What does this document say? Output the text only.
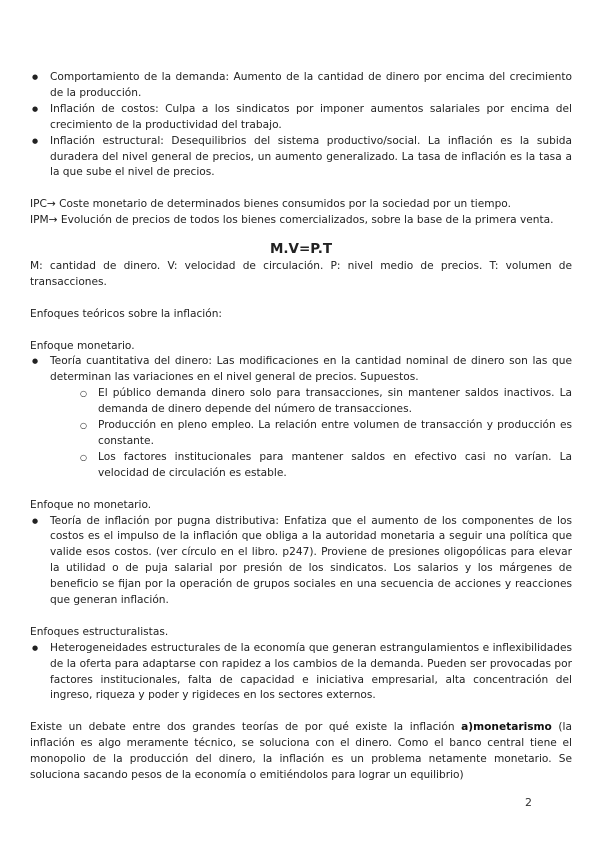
● Comportamiento de la demanda: Aumento de la cantidad de dinero por encima del crecimiento de la producción.
● Inflación de costos: Culpa a los sindicatos por imponer aumentos salariales por encima del crecimiento de la productividad del trabajo.
● Inflación estructural: Desequilibrios del sistema productivo/social. La inflación es la subida duradera del nivel general de precios, un aumento generalizado. La tasa de inflación es la tasa a la que sube el nivel de precios.

IPC→ Coste monetario de determinados bienes consumidos por la sociedad por un tiempo.

IPM→ Evolución de precios de todos los bienes comercializados, sobre la base de la primera venta.

M.V=P.T

M: cantidad de dinero. V: velocidad de circulación. P: nivel medio de precios. T: volumen de transacciones.

Enfoques teóricos sobre la inflación:

Enfoque monetario.

● Teoría cuantitativa del dinero: Las modificaciones en la cantidad nominal de dinero son las que determinan las variaciones en el nivel general de precios. Supuestos.
○ El público demanda dinero solo para transacciones, sin mantener saldos inactivos. La demanda de dinero depende del número de transacciones.
○ Producción en pleno empleo. La relación entre volumen de transacción y producción es constante.
○ Los factores institucionales para mantener saldos en efectivo casi no varían. La velocidad de circulación es estable.

Enfoque no monetario.

● Teoría de inflación por pugna distributiva: Enfatiza que el aumento de los componentes de los costos es el impulso de la inflación que obliga a la autoridad monetaria a seguir una política que valide esos costos. (ver círculo en el libro. p247). Proviene de presiones oligopólicas para elevar la utilidad o de puja salarial por presión de los sindicatos. Los salarios y los márgenes de beneficio se fijan por la operación de grupos sociales en una secuencia de acciones y reacciones que generan inflación.

Enfoques estructuralistas.

● Heterogeneidades estructurales de la economía que generan estrangulamientos e inflexibilidades de la oferta para adaptarse con rapidez a los cambios de la demanda. Pueden ser provocadas por factores institucionales, falta de capacidad e iniciativa empresarial, alta concentración del ingreso, riqueza y poder y rigideces en los sectores externos.

Existe un debate entre dos grandes teorías de por qué existe la inflación a)monetarismo (la inflación es algo meramente técnico, se soluciona con el dinero. Como el banco central tiene el monopolio de la producción del dinero, la inflación es un problema netamente monetario. Se soluciona sacando pesos de la economía o emitiéndolos para lograr un equilibrio)

2
